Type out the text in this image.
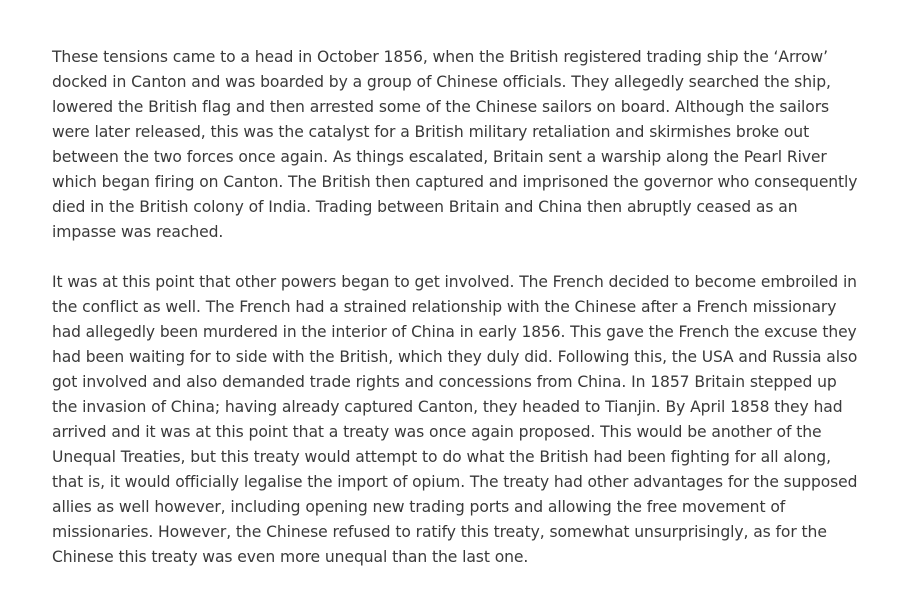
These tensions came to a head in October 1856, when the British registered trading ship the ‘Arrow’
docked in Canton and was boarded by a group of Chinese officials. They allegedly searched the ship,
lowered the British flag and then arrested some of the Chinese sailors on board. Although the sailors
were later released, this was the catalyst for a British military retaliation and skirmishes broke out
between the two forces once again. As things escalated, Britain sent a warship along the Pearl River
which began firing on Canton. The British then captured and imprisoned the governor who consequently
died in the British colony of India. Trading between Britain and China then abruptly ceased as an
impasse was reached.
It was at this point that other powers began to get involved. The French decided to become embroiled in
the conflict as well. The French had a strained relationship with the Chinese after a French missionary
had allegedly been murdered in the interior of China in early 1856. This gave the French the excuse they
had been waiting for to side with the British, which they duly did. Following this, the USA and Russia also
got involved and also demanded trade rights and concessions from China. In 1857 Britain stepped up
the invasion of China; having already captured Canton, they headed to Tianjin. By April 1858 they had
arrived and it was at this point that a treaty was once again proposed. This would be another of the
Unequal Treaties, but this treaty would attempt to do what the British had been fighting for all along,
that is, it would officially legalise the import of opium. The treaty had other advantages for the supposed
allies as well however, including opening new trading ports and allowing the free movement of
missionaries. However, the Chinese refused to ratify this treaty, somewhat unsurprisingly, as for the
Chinese this treaty was even more unequal than the last one.
